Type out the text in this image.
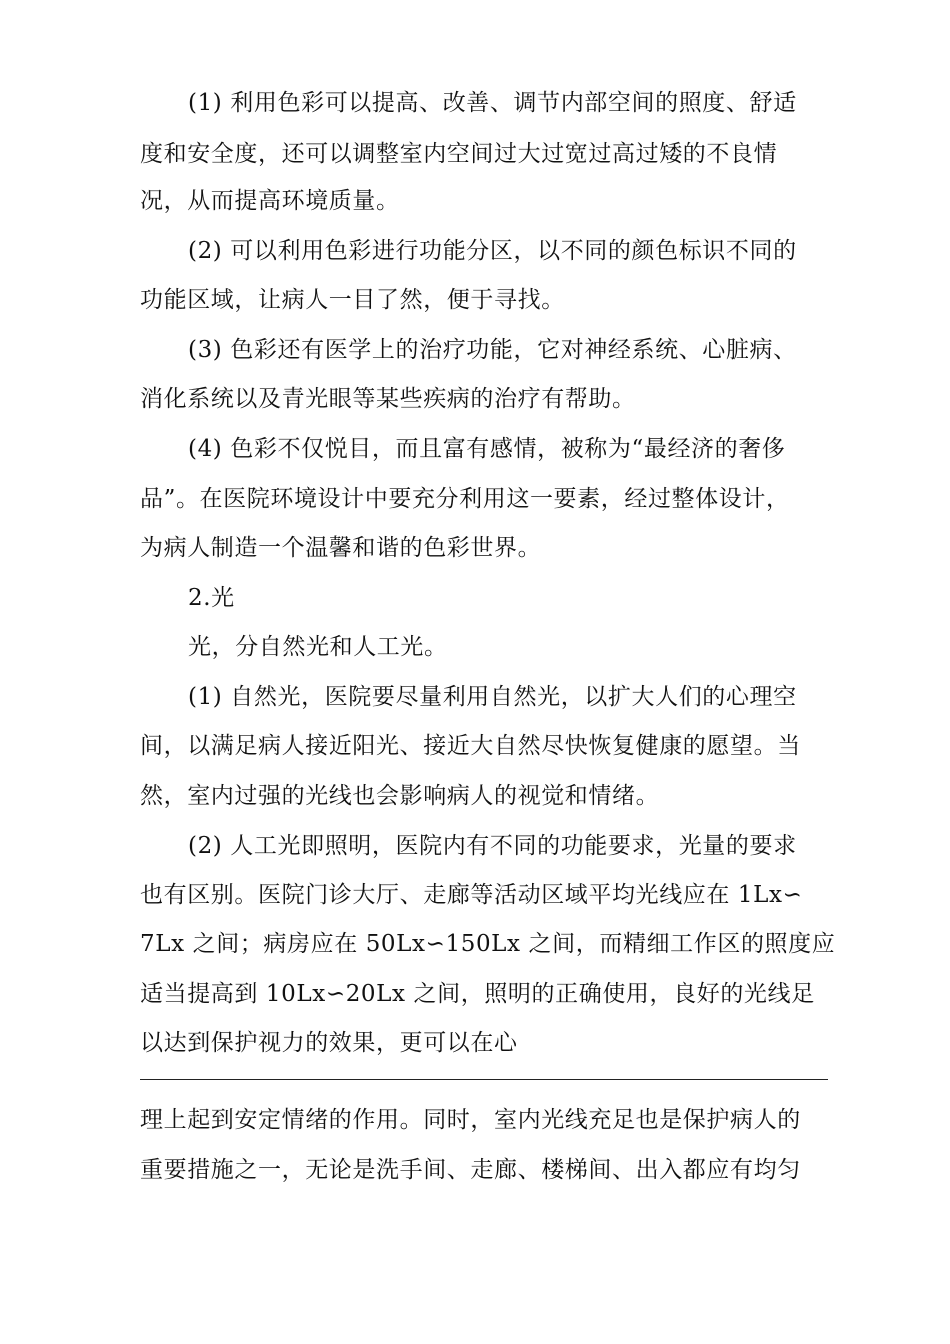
(1) 利用色彩可以提高、改善、调节内部空间的照度、舒适
度和安全度，还可以调整室内空间过大过宽过高过矮的不良情
况，从而提高环境质量。
(2) 可以利用色彩进行功能分区，以不同的颜色标识不同的
功能区域，让病人一目了然，便于寻找。
(3) 色彩还有医学上的治疗功能，它对神经系统、心脏病、
消化系统以及青光眼等某些疾病的治疗有帮助。
(4) 色彩不仅悦目，而且富有感情，被称为“最经济的奢侈
品”。在医院环境设计中要充分利用这一要素，经过整体设计，
为病人制造一个温馨和谐的色彩世界。
2.光
光，分自然光和人工光。
(1) 自然光，医院要尽量利用自然光，以扩大人们的心理空
间，以满足病人接近阳光、接近大自然尽快恢复健康的愿望。当
然，室内过强的光线也会影响病人的视觉和情绪。
(2) 人工光即照明，医院内有不同的功能要求，光量的要求
也有区别。医院门诊大厅、走廊等活动区域平均光线应在 1Lx∽
7Lx 之间；病房应在 50Lx∽150Lx 之间，而精细工作区的照度应
适当提高到 10Lx∽20Lx 之间，照明的正确使用，良好的光线足
以达到保护视力的效果，更可以在心
理上起到安定情绪的作用。同时，室内光线充足也是保护病人的
重要措施之一，无论是洗手间、走廊、楼梯间、出入都应有均匀
